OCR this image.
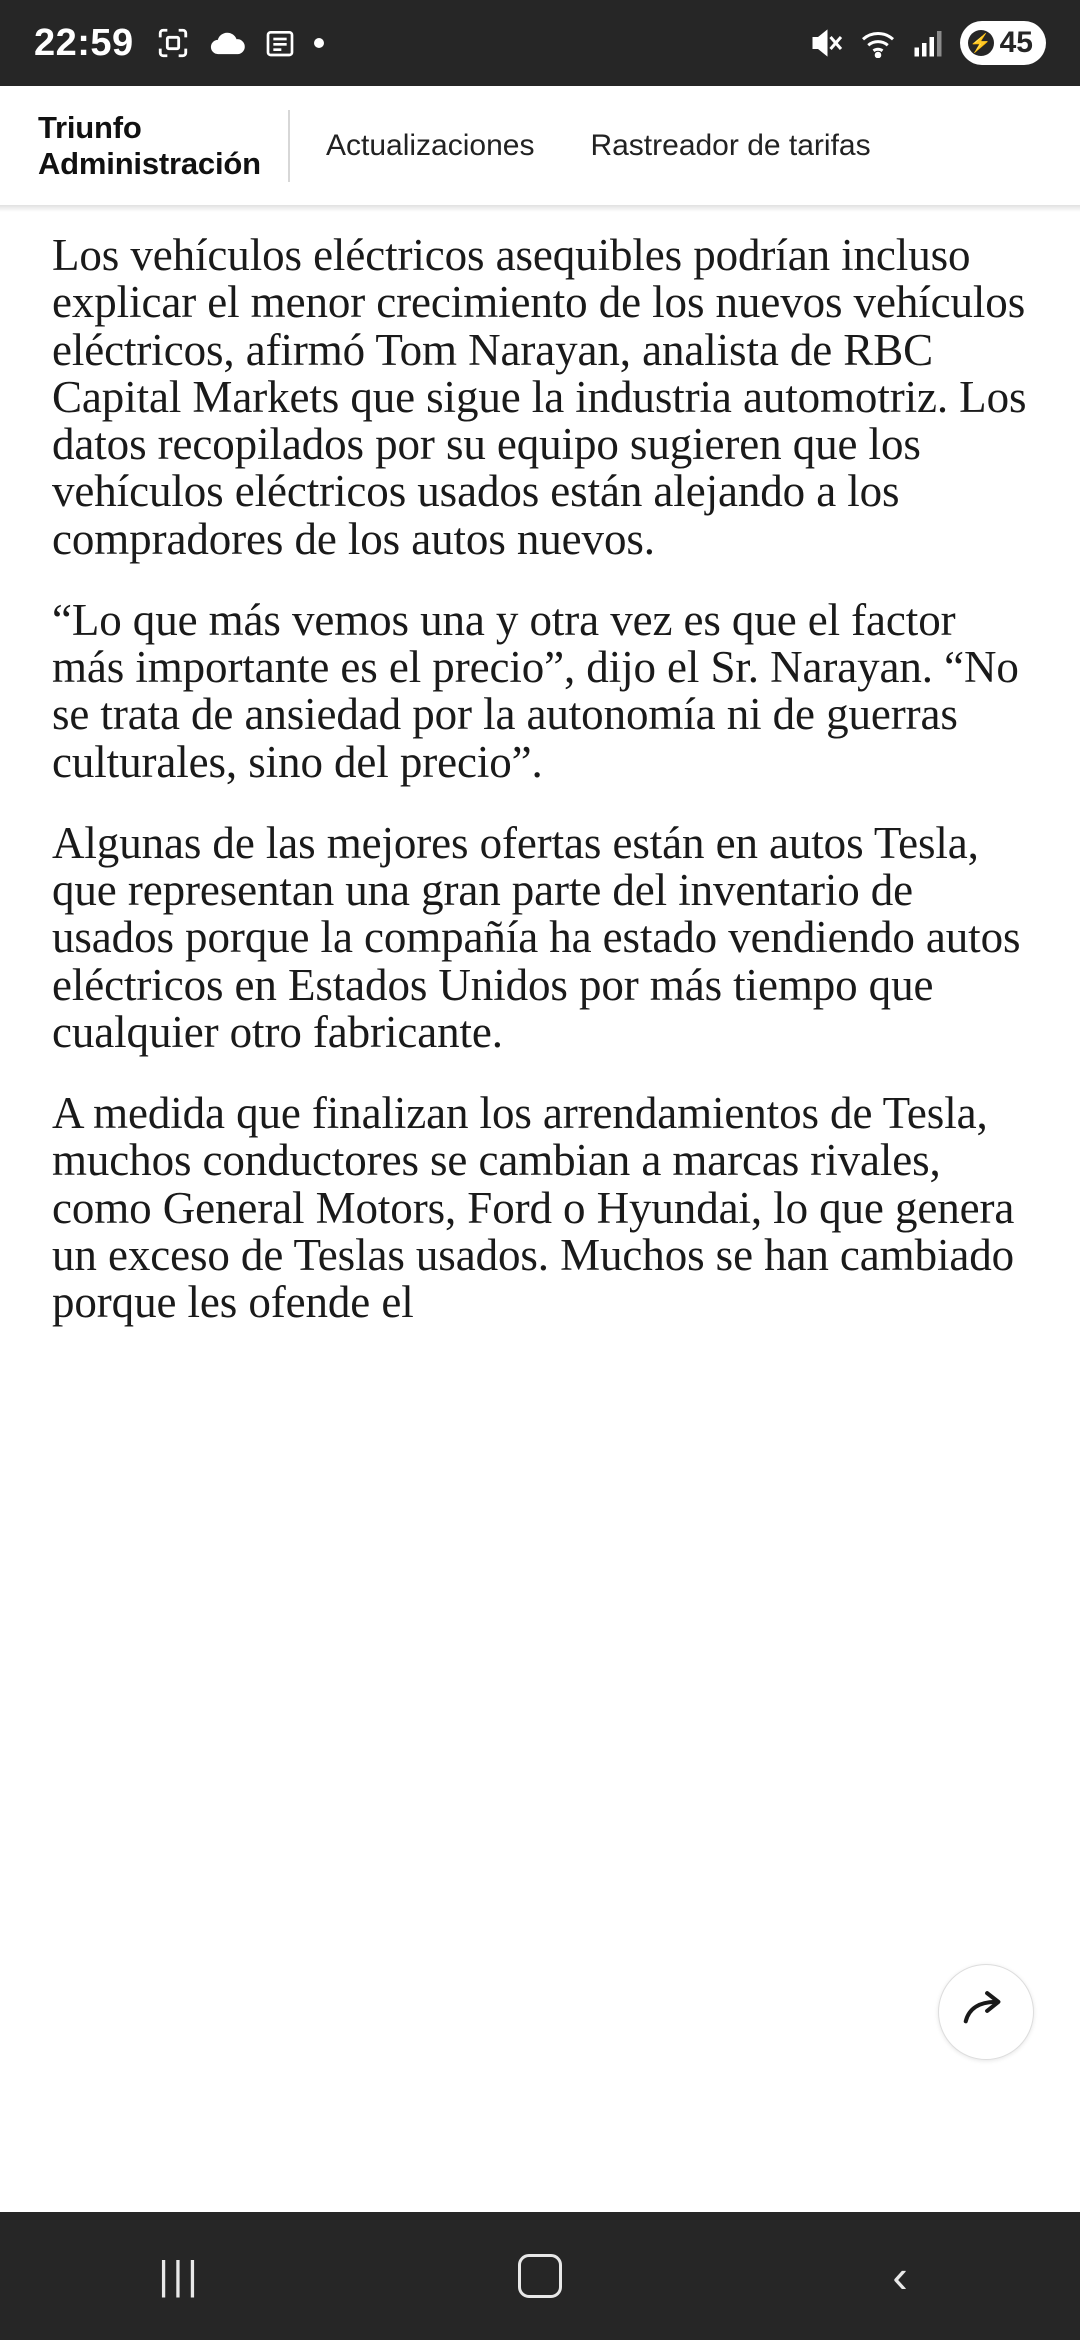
22:59	⚡ 45
Triunfo
Administración
Actualizaciones Rastreador de tarifas

Los vehículos eléctricos asequibles podrían incluso explicar el menor crecimiento de los nuevos vehículos eléctricos, afirmó Tom Narayan, analista de RBC Capital Markets que sigue la industria automotriz. Los datos recopilados por su equipo sugieren que los vehículos eléctricos usados están alejando a los compradores de los autos nuevos.

“Lo que más vemos una y otra vez es que el factor más importante es el precio”, dijo el Sr. Narayan. “No se trata de ansiedad por la autonomía ni de guerras culturales, sino del precio”.

Algunas de las mejores ofertas están en autos Tesla, que representan una gran parte del inventario de usados porque la compañía ha estado vendiendo autos eléctricos en Estados Unidos por más tiempo que cualquier otro fabricante.

A medida que finalizan los arrendamientos de Tesla, muchos conductores se cambian a marcas rivales, como General Motors, Ford o Hyundai, lo que genera un exceso de Teslas usados. Muchos se han cambiado porque les ofende el

|||	‹
